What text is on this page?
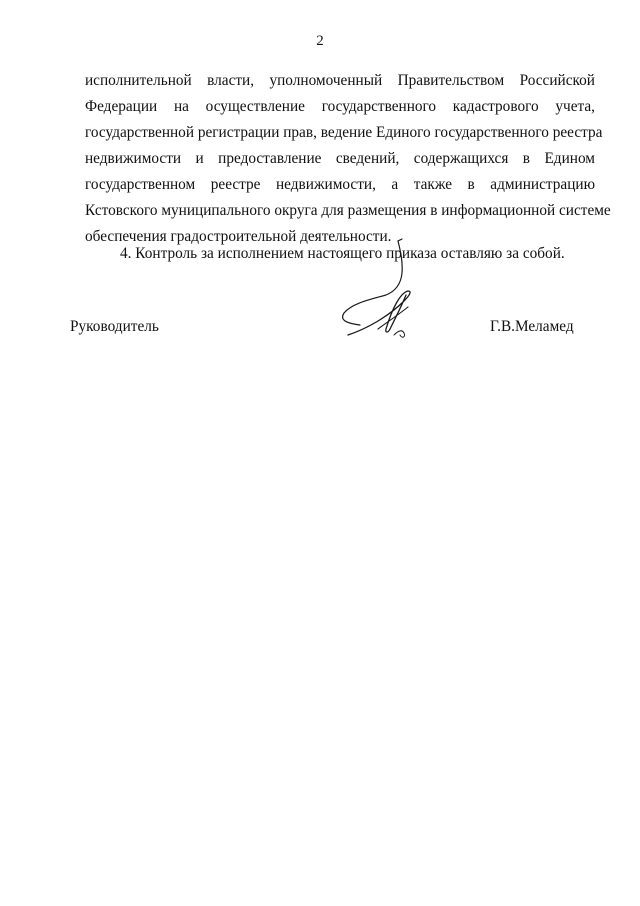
2
исполнительной власти, уполномоченный Правительством Российской
Федерации на осуществление государственного кадастрового учета,
государственной регистрации прав, ведение Единого государственного реестра
недвижимости и предоставление сведений, содержащихся в Едином
государственном реестре недвижимости, а также в администрацию
Кстовского муниципального округа для размещения в информационной системе
обеспечения градостроительной деятельности.
4. Контроль за исполнением настоящего приказа оставляю за собой.
Руководитель	Г.В.Меламед
